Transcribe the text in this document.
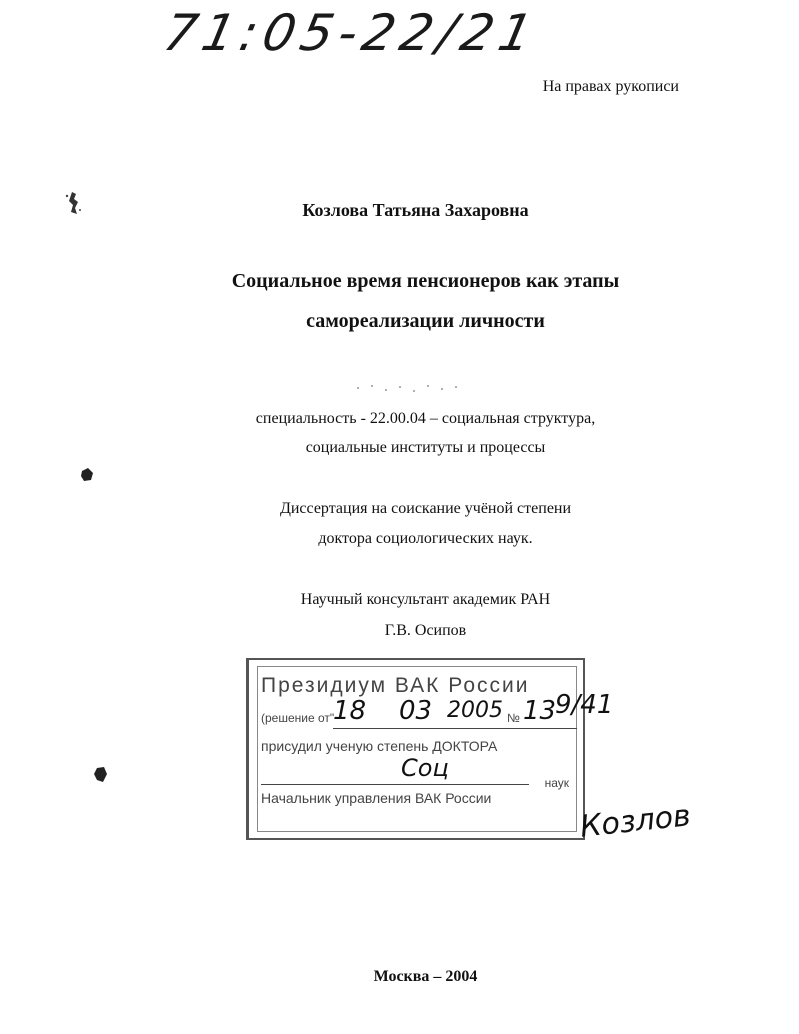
71:05-22/21
На правах рукописи
Козлова Татьяна Захаровна
Социальное время пенсионеров как этапы
самореализации личности
специальность - 22.00.04 – социальная структура,
социальные институты и процессы
Диссертация на соискание учёной степени
доктора социологических наук.
Научный консультант академик РАН
Г.В. Осипов
Президиум ВАК России
(решение от"
18 03 2005 № 13
9/41
присудил ученую степень ДОКТОРА
Соц
наук
Начальник управления ВАК России
Козлов
Москва – 2004
